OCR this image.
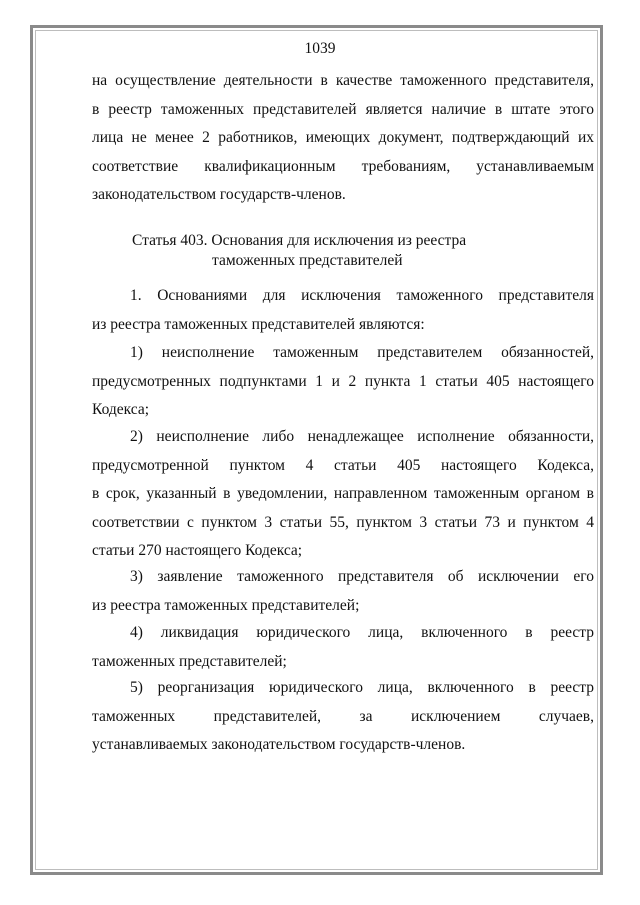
1039
на осуществление деятельности в качестве таможенного представителя,
в реестр таможенных представителей является наличие в штате этого
лица не менее 2 работников, имеющих документ, подтверждающий их
соответствие квалификационным требованиям, устанавливаемым
законодательством государств-членов.
Статья 403. Основания для исключения из реестра
таможенных представителей
1. Основаниями для исключения таможенного представителя
из реестра таможенных представителей являются:
1) неисполнение таможенным представителем обязанностей,
предусмотренных подпунктами 1 и 2 пункта 1 статьи 405 настоящего
Кодекса;
2) неисполнение либо ненадлежащее исполнение обязанности,
предусмотренной пунктом 4 статьи 405 настоящего Кодекса,
в срок, указанный в уведомлении, направленном таможенным органом в
соответствии с пунктом 3 статьи 55, пунктом 3 статьи 73 и пунктом 4
статьи 270 настоящего Кодекса;
3) заявление таможенного представителя об исключении его
из реестра таможенных представителей;
4) ликвидация юридического лица, включенного в реестр
таможенных представителей;
5) реорганизация юридического лица, включенного в реестр
таможенных представителей, за исключением случаев,
устанавливаемых законодательством государств-членов.
